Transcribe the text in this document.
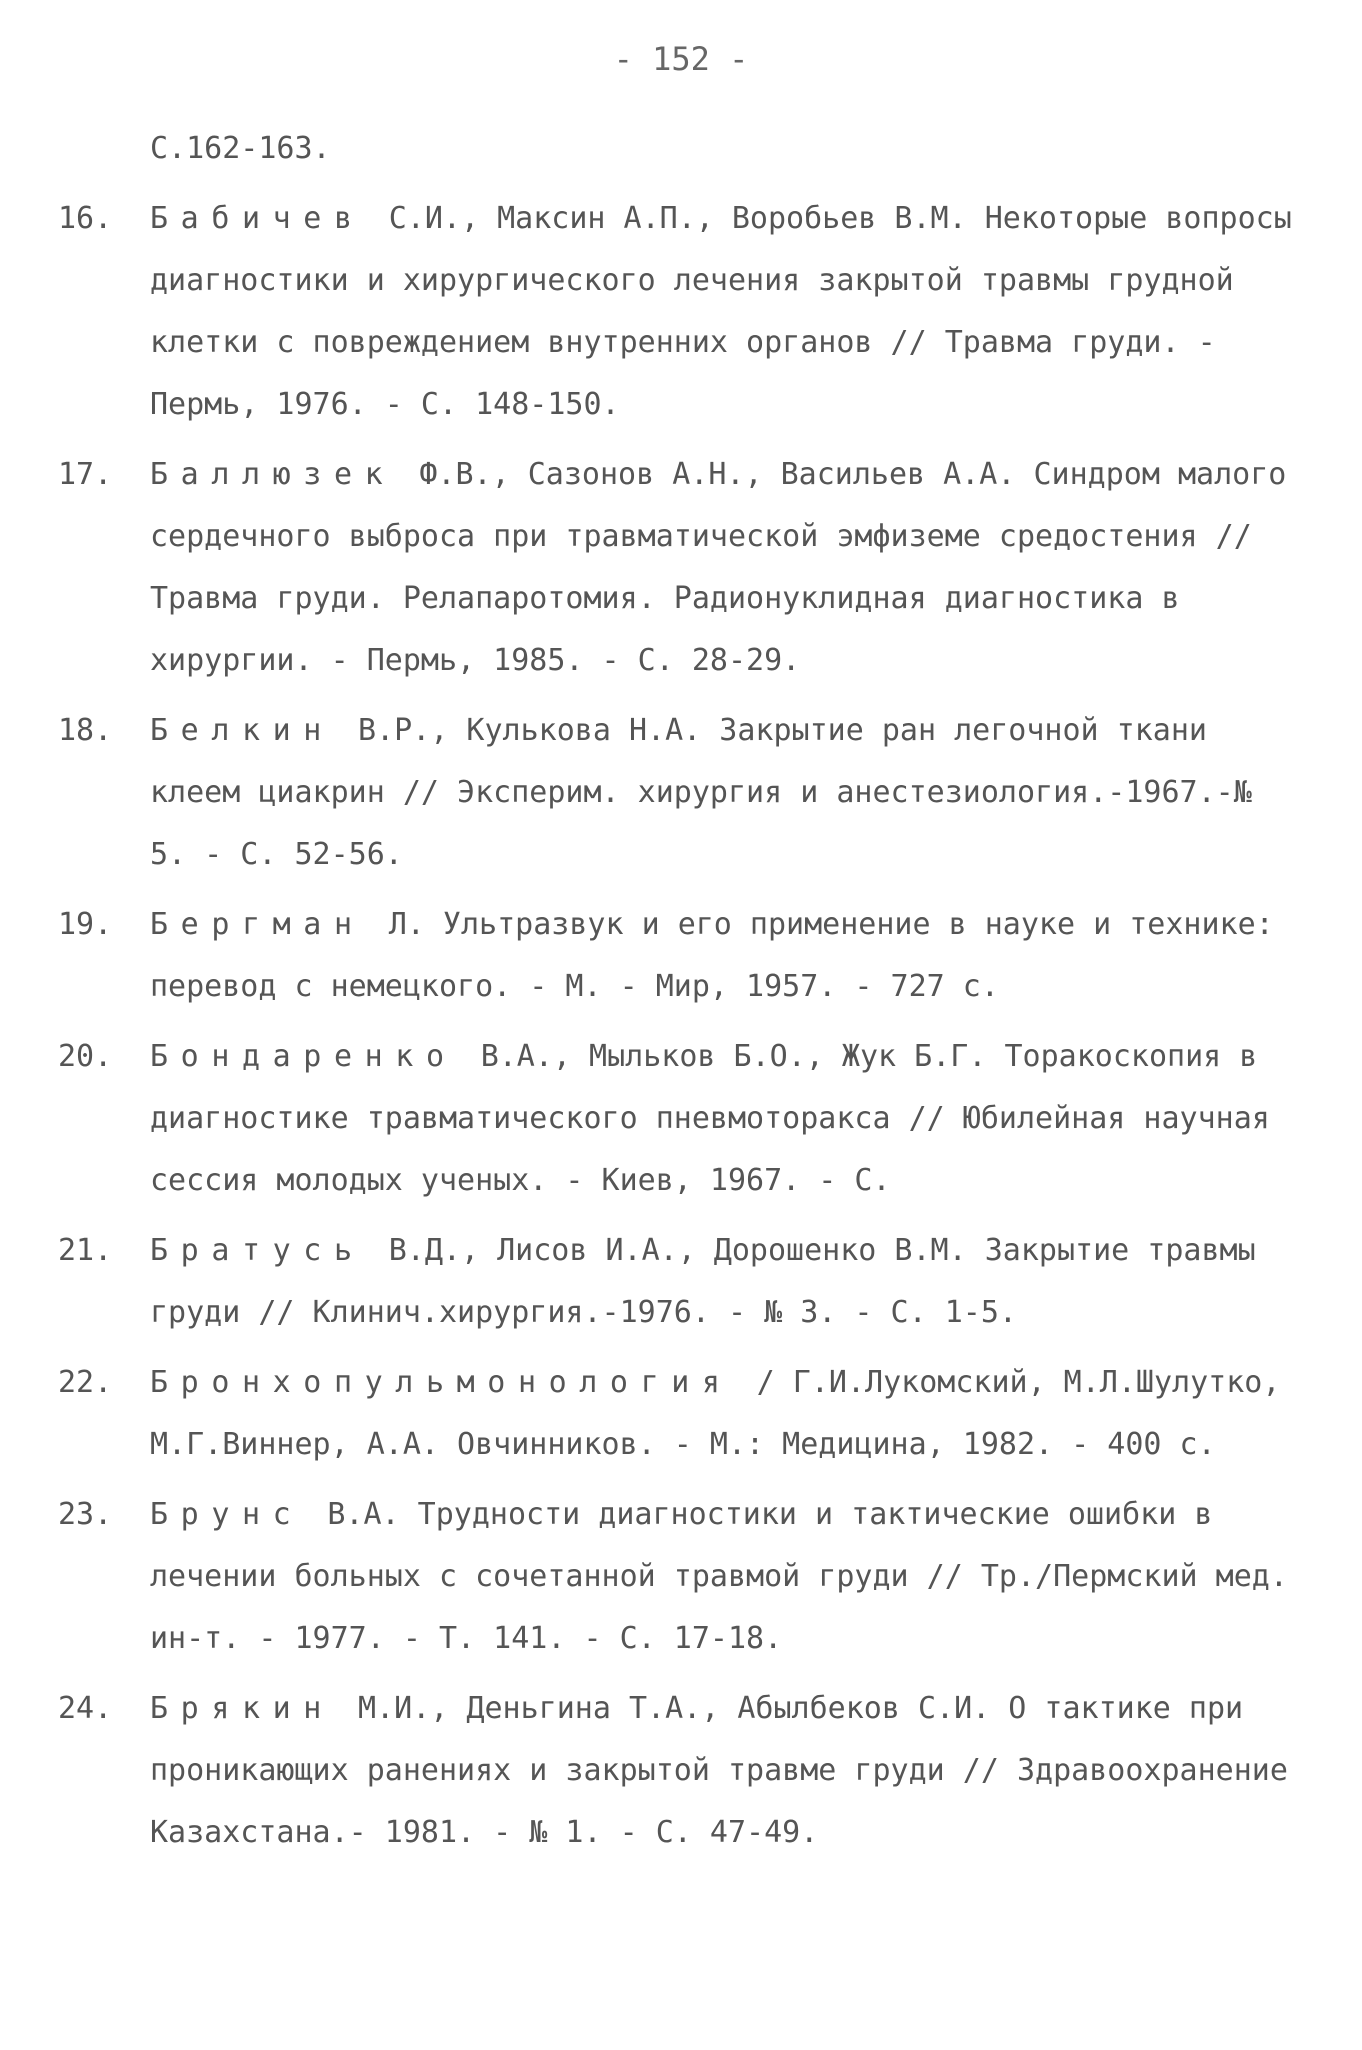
- 152 -
С.162-163.
16.	Бабичев С.И., Максин А.П., Воробьев В.М. Некоторые вопросы диагностики и хирургического лечения закрытой травмы грудной клетки с повреждением внутренних органов // Травма груди. - Пермь, 1976. - С. 148-150.
17.	Баллюзек Ф.В., Сазонов А.Н., Васильев А.А. Синдром малого сердечного выброса при травматической эмфиземе средостения // Травма груди. Релапаротомия. Радионуклидная диагностика в хирургии. - Пермь, 1985. - С. 28-29.
18.	Белкин В.Р., Кулькова Н.А. Закрытие ран легочной ткани клеем циакрин // Эксперим. хирургия и анестезиология.-1967.-№ 5. - С. 52-56.
19.	Бергман Л. Ультразвук и его применение в науке и технике: перевод с немецкого. - М. - Мир, 1957. - 727 с.
20.	Бондаренко В.А., Мыльков Б.О., Жук Б.Г. Торакоскопия в диагностике травматического пневмоторакса // Юбилейная научная сессия молодых ученых. - Киев, 1967. - С.
21.	Братусь В.Д., Лисов И.А., Дорошенко В.М. Закрытие травмы груди // Клинич.хирургия.-1976. - № 3. - С. 1-5.
22.	Бронхопульмонология / Г.И.Лукомский, М.Л.Шулутко, М.Г.Виннер, А.А. Овчинников. - М.: Медицина, 1982. - 400 с.
23.	Брунс В.А. Трудности диагностики и тактические ошибки в лечении больных с сочетанной травмой груди // Тр./Пермский мед. ин-т. - 1977. - Т. 141. - С. 17-18.
24.	Брякин М.И., Деньгина Т.А., Абылбеков С.И. О тактике при проникающих ранениях и закрытой травме груди // Здравоохранение Казахстана.- 1981. - № 1. - С. 47-49.
